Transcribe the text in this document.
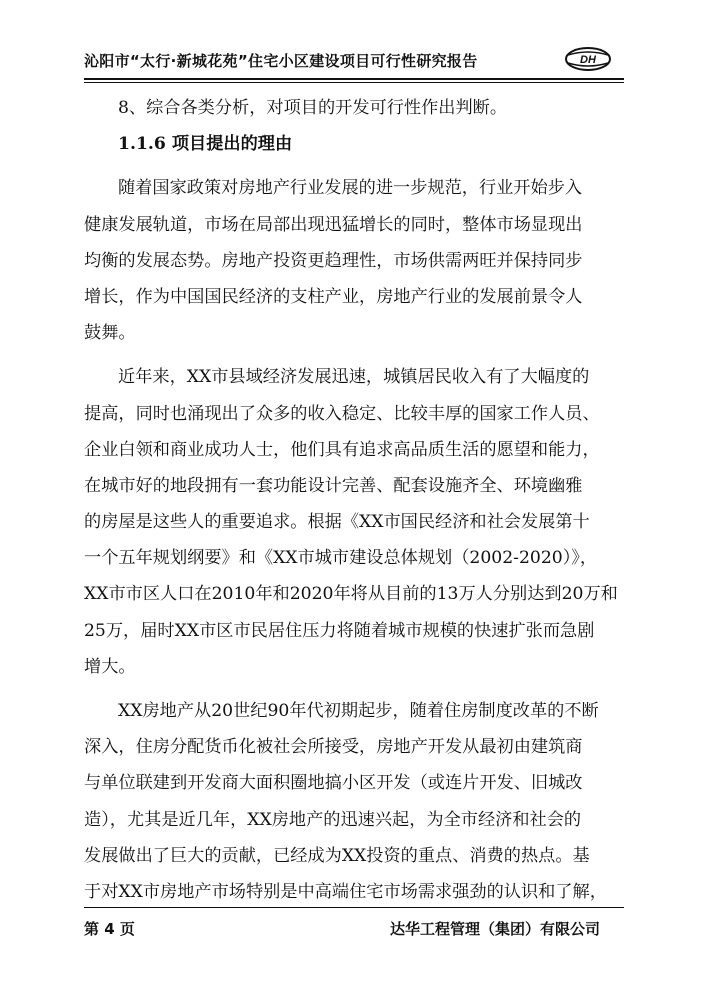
沁阳市“太行·新城花苑”住宅小区建设项目可行性研究报告	DH
8、综合各类分析，对项目的开发可行性作出判断。
1.1.6 项目提出的理由
随着国家政策对房地产行业发展的进一步规范，行业开始步入
健康发展轨道，市场在局部出现迅猛增长的同时，整体市场显现出
均衡的发展态势。房地产投资更趋理性，市场供需两旺并保持同步
增长，作为中国国民经济的支柱产业，房地产行业的发展前景令人
鼓舞。
近年来，XX市县域经济发展迅速，城镇居民收入有了大幅度的
提高，同时也涌现出了众多的收入稳定、比较丰厚的国家工作人员、
企业白领和商业成功人士，他们具有追求高品质生活的愿望和能力，
在城市好的地段拥有一套功能设计完善、配套设施齐全、环境幽雅
的房屋是这些人的重要追求。根据《XX市国民经济和社会发展第十
一个五年规划纲要》和《XX市城市建设总体规划（2002-2020）》，
XX市市区人口在2010年和2020年将从目前的13万人分别达到20万和
25万，届时XX市区市民居住压力将随着城市规模的快速扩张而急剧
增大。
XX房地产从20世纪90年代初期起步，随着住房制度改革的不断
深入，住房分配货币化被社会所接受，房地产开发从最初由建筑商
与单位联建到开发商大面积圈地搞小区开发（或连片开发、旧城改
造），尤其是近几年，XX房地产的迅速兴起，为全市经济和社会的
发展做出了巨大的贡献，已经成为XX投资的重点、消费的热点。基
于对XX市房地产市场特别是中高端住宅市场需求强劲的认识和了解，
第 4 页	达华工程管理（集团）有限公司
